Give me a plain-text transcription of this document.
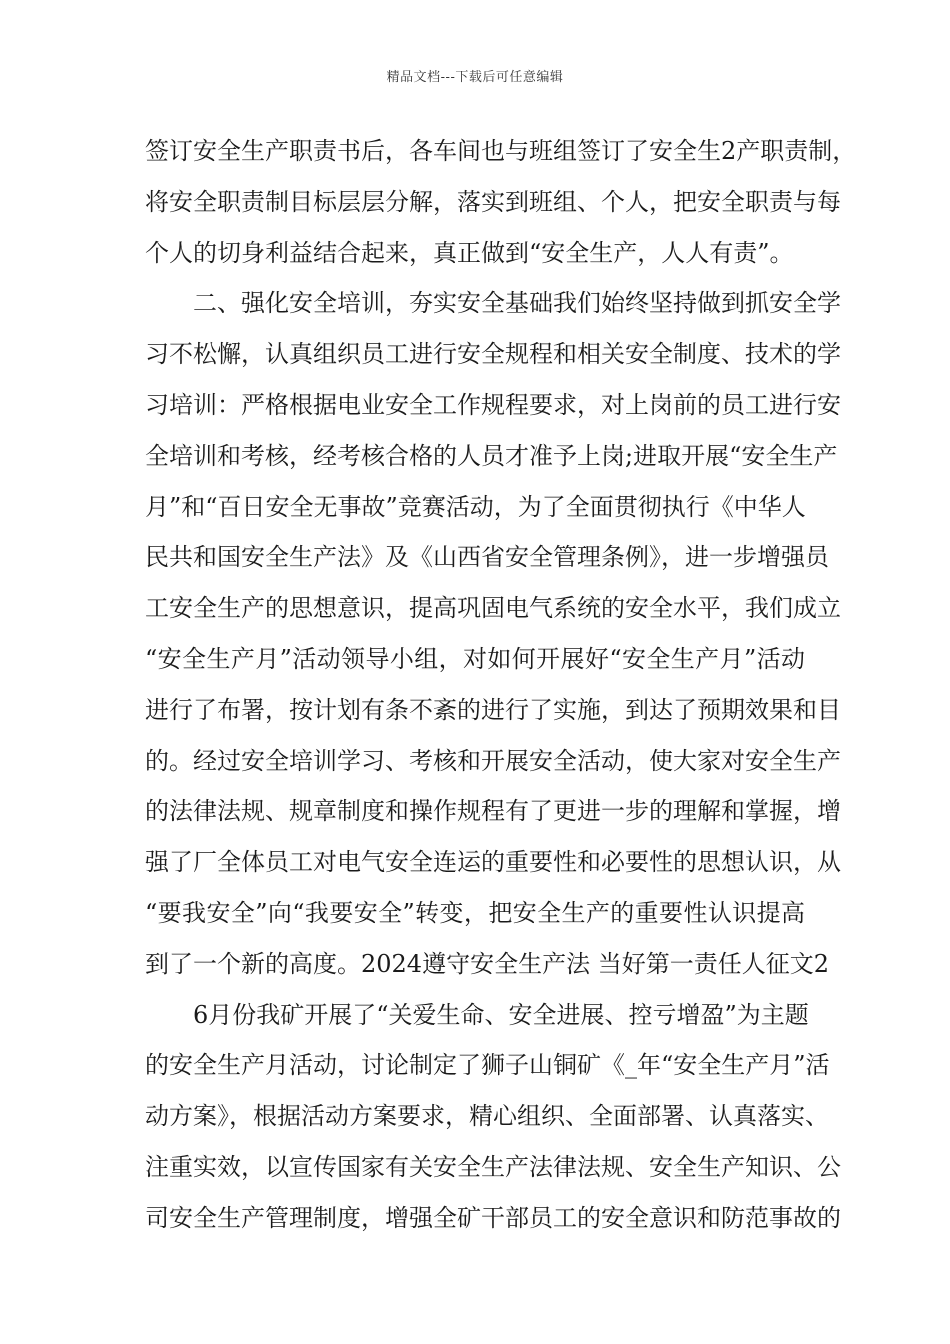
精品文档---下载后可任意编辑
签订安全生产职责书后，各车间也与班组签订了安全生2产职责制，
将安全职责制目标层层分解，落实到班组、个人，把安全职责与每
个人的切身利益结合起来，真正做到“安全生产，人人有责”。
　　二、强化安全培训，夯实安全基础我们始终坚持做到抓安全学
习不松懈，认真组织员工进行安全规程和相关安全制度、技术的学
习培训：严格根据电业安全工作规程要求，对上岗前的员工进行安
全培训和考核，经考核合格的人员才准予上岗;进取开展“安全生产
月”和“百日安全无事故”竞赛活动，为了全面贯彻执行《中华人
民共和国安全生产法》及《山西省安全管理条例》，进一步增强员
工安全生产的思想意识，提高巩固电气系统的安全水平，我们成立
“安全生产月”活动领导小组，对如何开展好“安全生产月”活动
进行了布署，按计划有条不紊的进行了实施，到达了预期效果和目
的。经过安全培训学习、考核和开展安全活动，使大家对安全生产
的法律法规、规章制度和操作规程有了更进一步的理解和掌握，增
强了厂全体员工对电气安全连运的重要性和必要性的思想认识，从
“要我安全”向“我要安全”转变，把安全生产的重要性认识提高
到了一个新的高度。2024遵守安全生产法 当好第一责任人征文2
　　6月份我矿开展了“关爱生命、安全进展、控亏增盈”为主题
的安全生产月活动，讨论制定了狮子山铜矿《_年“安全生产月”活
动方案》，根据活动方案要求，精心组织、全面部署、认真落实、
注重实效，以宣传国家有关安全生产法律法规、安全生产知识、公
司安全生产管理制度，增强全矿干部员工的安全意识和防范事故的
